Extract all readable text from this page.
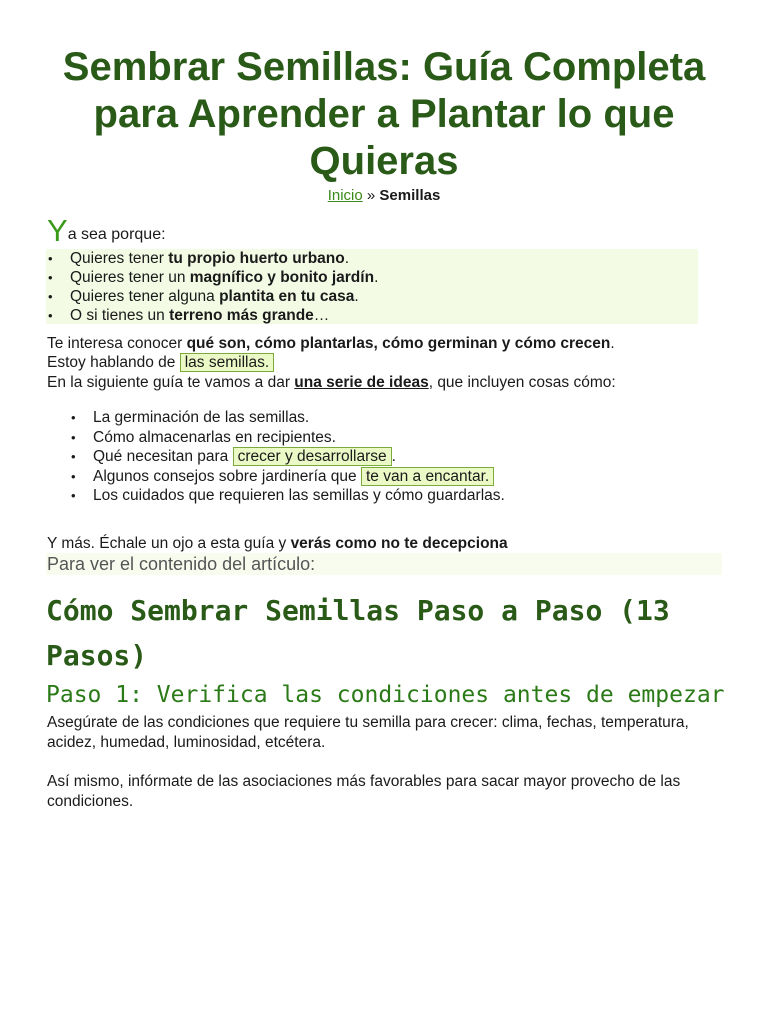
Sembrar Semillas: Guía Completa para Aprender a Plantar lo que Quieras
Inicio » Semillas
Ya sea porque:
• Quieres tener tu propio huerto urbano.
• Quieres tener un magnífico y bonito jardín.
• Quieres tener alguna plantita en tu casa.
• O si tienes un terreno más grande…

Te interesa conocer qué son, cómo plantarlas, cómo germinan y cómo crecen.

Estoy hablando de las semillas.

En la siguiente guía te vamos a dar una serie de ideas, que incluyen cosas cómo:

• La germinación de las semillas.
• Cómo almacenarlas en recipientes.
• Qué necesitan para crecer y desarrollarse .
• Algunos consejos sobre jardinería que te van a encantar.
• Los cuidados que requieren las semillas y cómo guardarlas.

Y más. Échale un ojo a esta guía y verás como no te decepciona

Para ver el contenido del artículo:
Cómo Sembrar Semillas Paso a Paso (13 Pasos)
Paso 1: Verifica las condiciones antes de empezar

Asegúrate de las condiciones que requiere tu semilla para crecer: clima, fechas, temperatura, acidez, humedad, luminosidad, etcétera.

Así mismo, infórmate de las asociaciones más favorables para sacar mayor provecho de las condiciones.
